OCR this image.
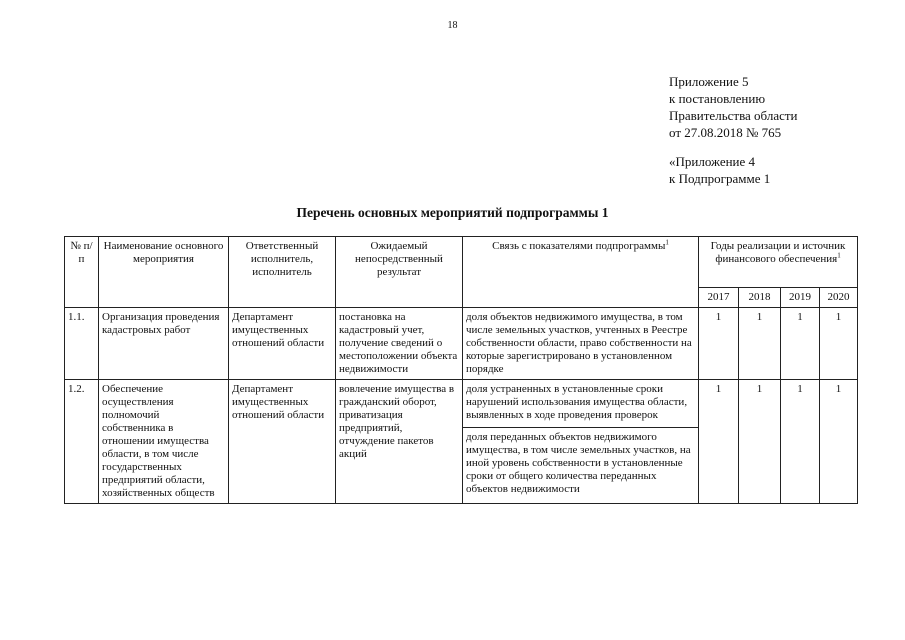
18
Приложение 5
к постановлению
Правительства области
от 27.08.2018 № 765
«Приложение 4
к Подпрограмме 1
Перечень основных мероприятий подпрограммы 1
№ п/п	Наименование основного мероприятия	Ответственный исполнитель, исполнитель	Ожидаемый непосредственный результат	Связь с показателями подпрограммы$^1$	Годы реализации и источник финансового обеспечения$^1$
					2017	2018	2019	2020
1.1.	Организация проведения кадастровых работ	Департамент имущественных отношений области	постановка на кадастровый учет, получение сведений о местоположении объекта недвижимости	доля объектов недвижимого имущества, в том числе земельных участков, учтенных в Реестре собственности области, право собственности на которые зарегистрировано в установленном порядке	1	1	1	1
1.2.	Обеспечение осуществления полномочий собственника в отношении имущества области, в том числе государственных предприятий области, хозяйственных обществ	Департамент имущественных отношений области	вовлечение имущества в гражданский оборот, приватизация предприятий, отчуждение пакетов акций	доля устраненных в установленные сроки нарушений использования имущества области, выявленных в ходе проведения проверок	1	1	1	1
				доля переданных объектов недвижимого имущества, в том числе земельных участков, на иной уровень собственности в установленные сроки от общего количества переданных объектов недвижимости				
